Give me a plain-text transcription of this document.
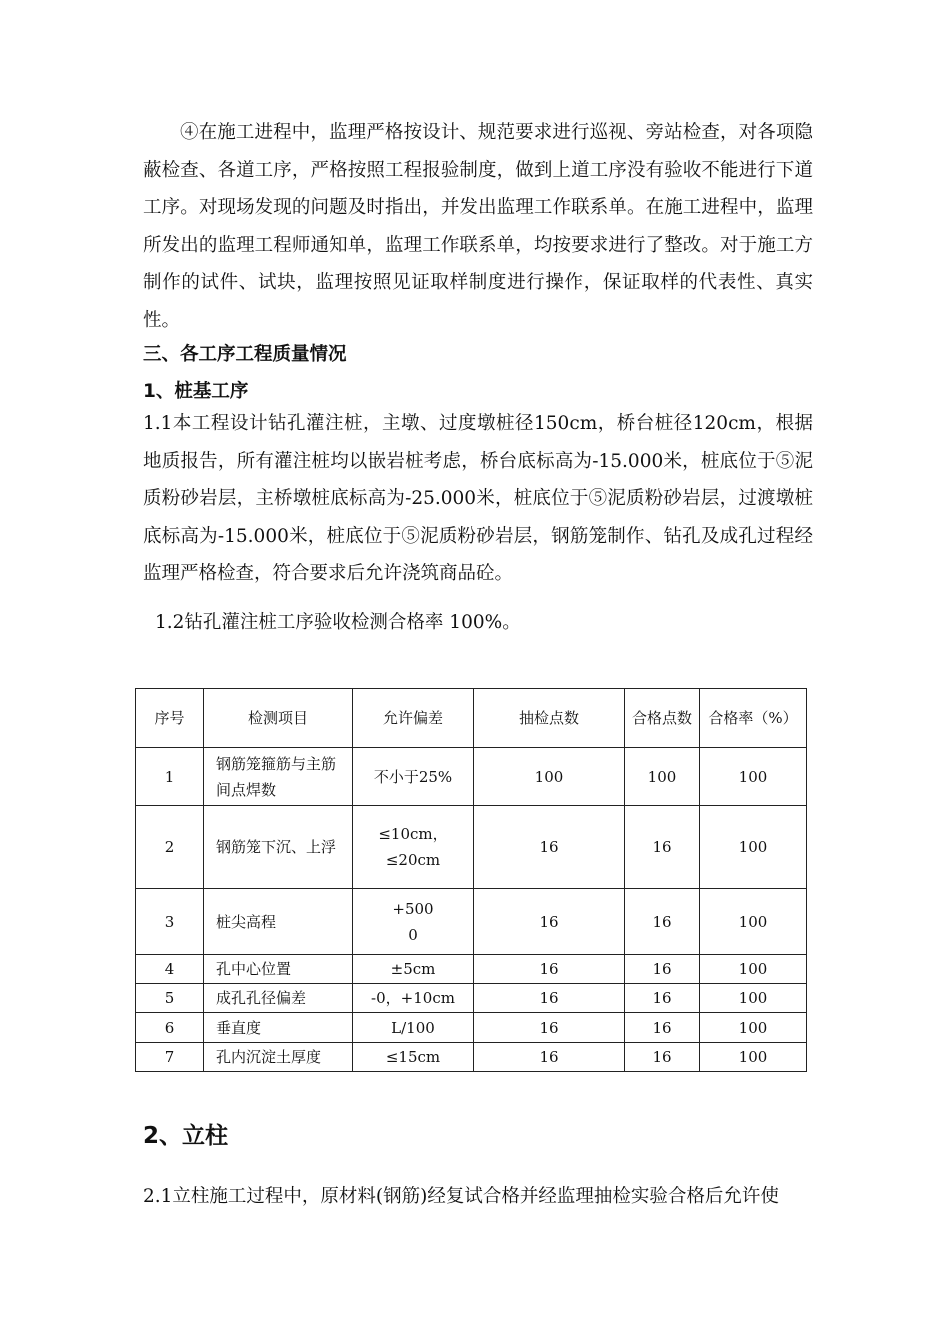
④在施工进程中，监理严格按设计、规范要求进行巡视、旁站检查，对各项隐蔽检查、各道工序，严格按照工程报验制度，做到上道工序没有验收不能进行下道工序。对现场发现的问题及时指出，并发出监理工作联系单。在施工进程中，监理所发出的监理工程师通知单，监理工作联系单，均按要求进行了整改。对于施工方制作的试件、试块，监理按照见证取样制度进行操作，保证取样的代表性、真实性。

三、各工序工程质量情况

1、桩基工序

1.1本工程设计钻孔灌注桩，主墩、过度墩桩径150cm，桥台桩径120cm，根据地质报告，所有灌注桩均以嵌岩桩考虑，桥台底标高为-15.000米，桩底位于⑤泥质粉砂岩层，主桥墩桩底标高为-25.000米，桩底位于⑤泥质粉砂岩层，过渡墩桩底标高为-15.000米，桩底位于⑤泥质粉砂岩层，钢筋笼制作、钻孔及成孔过程经监理严格检查，符合要求后允许浇筑商品砼。

1.2钻孔灌注桩工序验收检测合格率 100%。

序号	检测项目	允许偏差	抽检点数	合格点数	合格率（%）
1	钢筋笼箍筋与主筋间点焊数	不小于25%	100	100	100
2	钢筋笼下沉、上浮	≤10cm，
≤20cm	16	16	100
3	桩尖高程	+500
0	16	16	100
4	孔中心位置	±5cm	16	16	100
5	成孔孔径偏差	-0，+10cm	16	16	100
6	垂直度	L/100	16	16	100
7	孔内沉淀土厚度	≤15cm	16	16	100

2、立柱

2.1立柱施工过程中，原材料(钢筋)经复试合格并经监理抽检实验合格后允许使
